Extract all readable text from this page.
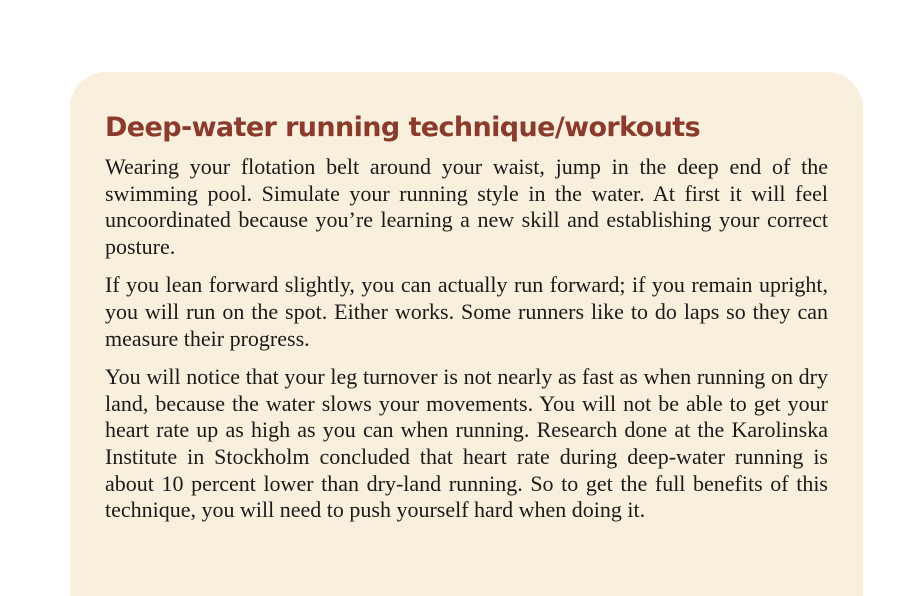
Deep-water running technique/workouts

Wearing your flotation belt around your waist, jump in the deep end of the swimming pool. Simulate your running style in the water. At first it will feel uncoordinated because you’re learning a new skill and establishing your correct posture.

If you lean forward slightly, you can actually run forward; if you remain upright, you will run on the spot. Either works. Some runners like to do laps so they can measure their progress.

You will notice that your leg turnover is not nearly as fast as when running on dry land, because the water slows your movements. You will not be able to get your heart rate up as high as you can when running. Research done at the Karolinska Institute in Stockholm concluded that heart rate during deep-water running is about 10 percent lower than dry-land running. So to get the full benefits of this technique, you will need to push yourself hard when doing it.
